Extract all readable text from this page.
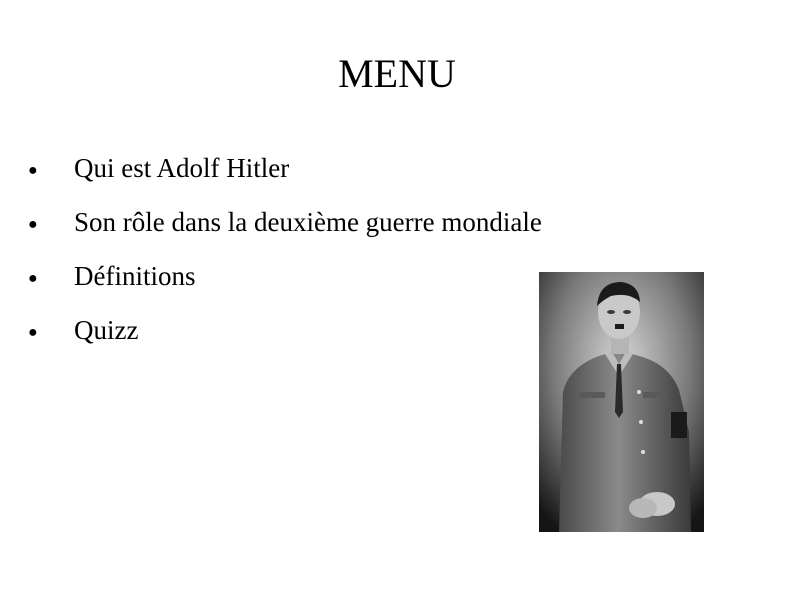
MENU
●	Qui est Adolf Hitler
●	Son rôle dans la deuxième guerre mondiale
●	Définitions
●	Quizz
